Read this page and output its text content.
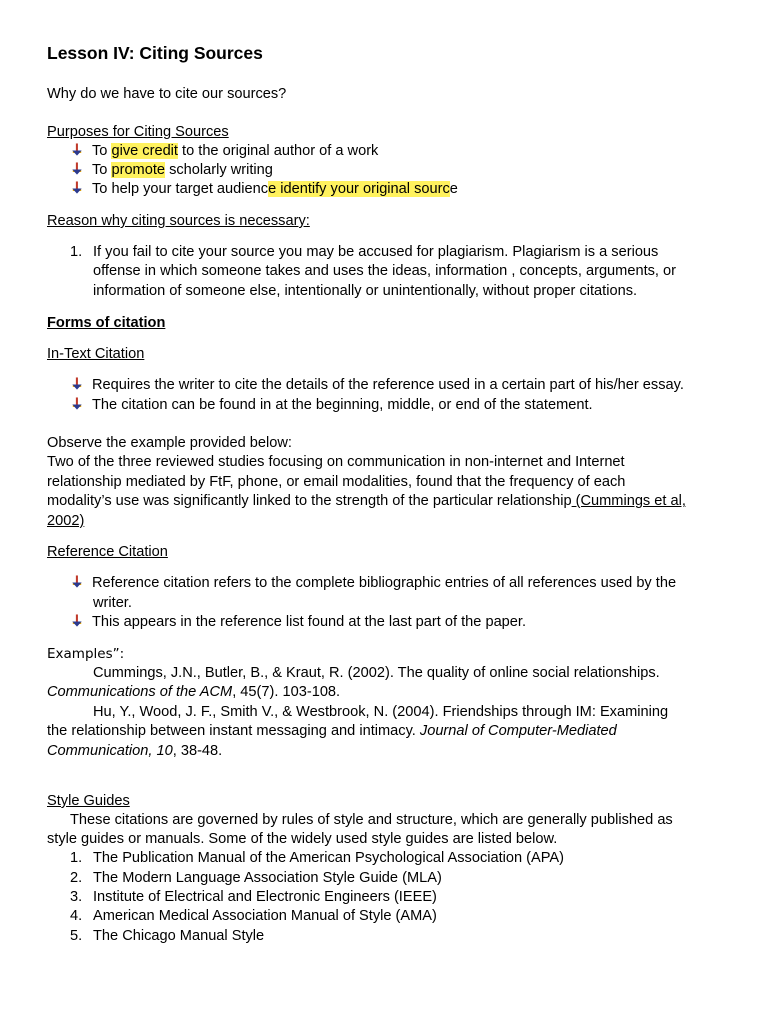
Lesson IV: Citing Sources
Why do we have to cite our sources?
Purposes for Citing Sources
To give credit to the original author of a work
To promote scholarly writing
To help your target audience identify your original source
Reason why citing sources is necessary:
1. If you fail to cite your source you may be accused for plagiarism. Plagiarism is a serious
offense in which someone takes and uses the ideas, information , concepts, arguments, or
information of someone else, intentionally or unintentionally, without proper citations.
Forms of citation
In-Text Citation
Requires the writer to cite the details of the reference used in a certain part of his/her essay.
The citation can be found in at the beginning, middle, or end of the statement.
Observe the example provided below:
Two of the three reviewed studies focusing on communication in non-internet and Internet
relationship mediated by FtF, phone, or email modalities, found that the frequency of each
modality’s use was significantly linked to the strength of the particular relationship (Cummings et al,
2002)
Reference Citation
Reference citation refers to the complete bibliographic entries of all references used by the
writer.
This appears in the reference list found at the last part of the paper.
Examples”:
Cummings, J.N., Butler, B., & Kraut, R. (2002). The quality of online social relationships.
Communications of the ACM, 45(7). 103-108.
Hu, Y., Wood, J. F., Smith V., & Westbrook, N. (2004). Friendships through IM: Examining
the relationship between instant messaging and intimacy. Journal of Computer-Mediated
Communication, 10, 38-48.
Style Guides
These citations are governed by rules of style and structure, which are generally published as
style guides or manuals. Some of the widely used style guides are listed below.
1. The Publication Manual of the American Psychological Association (APA)
2. The Modern Language Association Style Guide (MLA)
3. Institute of Electrical and Electronic Engineers (IEEE)
4. American Medical Association Manual of Style (AMA)
5. The Chicago Manual Style
